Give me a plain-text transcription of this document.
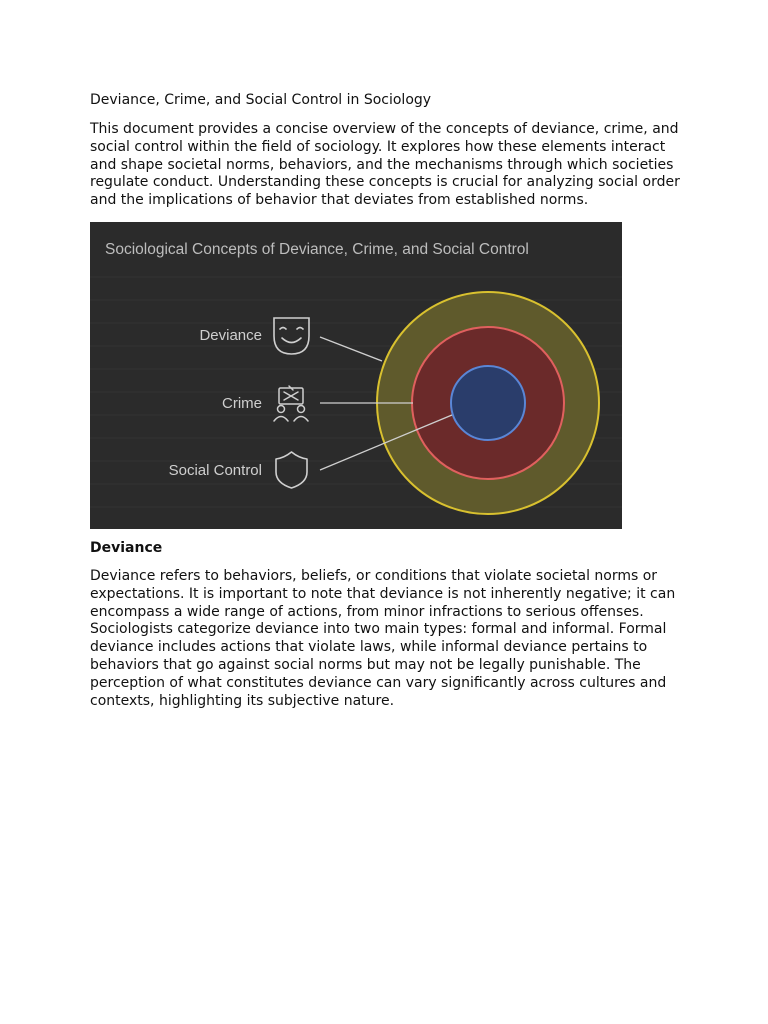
Deviance, Crime, and Social Control in Sociology

This document provides a concise overview of the concepts of deviance, crime, and social control within the field of sociology. It explores how these elements interact and shape societal norms, behaviors, and the mechanisms through which societies regulate conduct. Understanding these concepts is crucial for analyzing social order and the implications of behavior that deviates from established norms.

Sociological Concepts of Deviance, Crime, and Social Control
Deviance
Crime
Social Control

Deviance

Deviance refers to behaviors, beliefs, or conditions that violate societal norms or expectations. It is important to note that deviance is not inherently negative; it can encompass a wide range of actions, from minor infractions to serious offenses. Sociologists categorize deviance into two main types: formal and informal. Formal deviance includes actions that violate laws, while informal deviance pertains to behaviors that go against social norms but may not be legally punishable. The perception of what constitutes deviance can vary significantly across cultures and contexts, highlighting its subjective nature.
